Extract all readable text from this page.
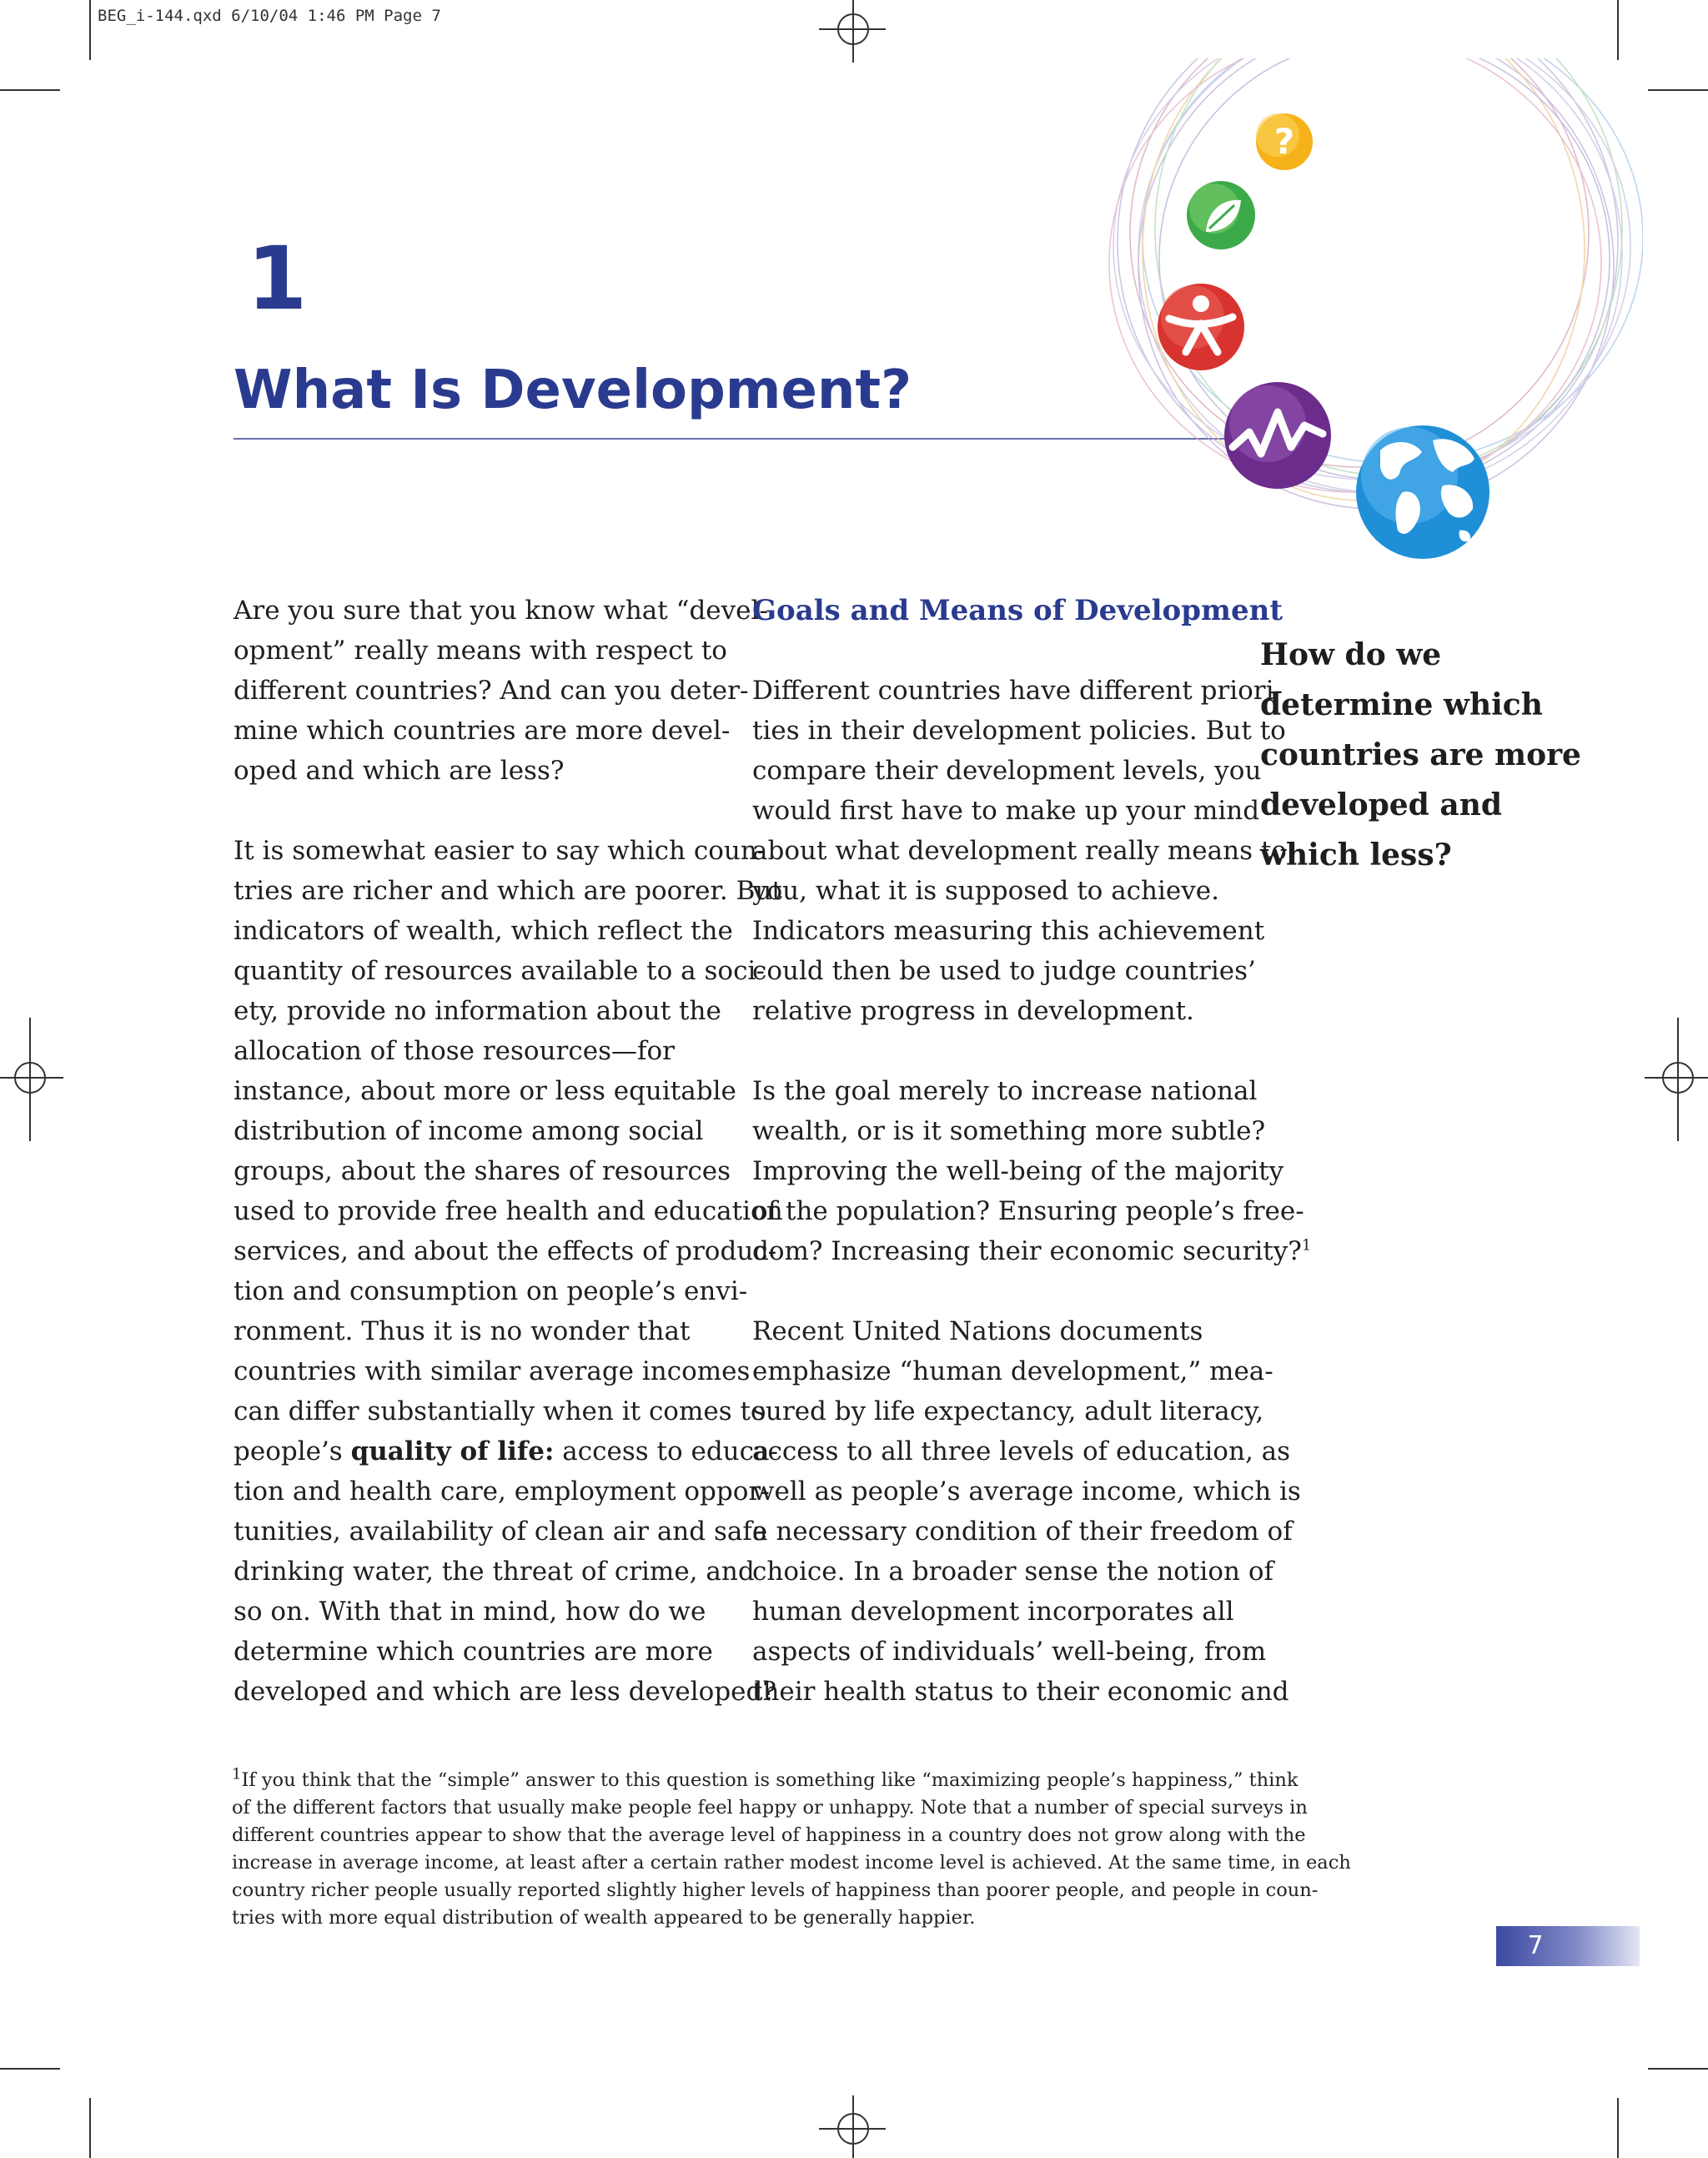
BEG_i-144.qxd 6/10/04 1:46 PM Page 7
1
What Is Development?
?

Are you sure that you know what “devel-
opment” really means with respect to
different countries? And can you deter-
mine which countries are more devel-
oped and which are less?

It is somewhat easier to say which coun-
tries are richer and which are poorer. But
indicators of wealth, which reflect the
quantity of resources available to a soci-
ety, provide no information about the
allocation of those resources—for
instance, about more or less equitable
distribution of income among social
groups, about the shares of resources
used to provide free health and education
services, and about the effects of produc-
tion and consumption on people’s envi-
ronment. Thus it is no wonder that
countries with similar average incomes
can differ substantially when it comes to
people’s quality of life: access to educa-
tion and health care, employment oppor-
tunities, availability of clean air and safe
drinking water, the threat of crime, and
so on. With that in mind, how do we
determine which countries are more
developed and which are less developed?

Goals and Means of Development

Different countries have different priori-
ties in their development policies. But to
compare their development levels, you
would first have to make up your mind
about what development really means to
you, what it is supposed to achieve.
Indicators measuring this achievement
could then be used to judge countries’
relative progress in development.

Is the goal merely to increase national
wealth, or is it something more subtle?
Improving the well-being of the majority
of the population? Ensuring people’s free-
dom? Increasing their economic security?$^1$

Recent United Nations documents
emphasize “human development,” mea-
sured by life expectancy, adult literacy,
access to all three levels of education, as
well as people’s average income, which is
a necessary condition of their freedom of
choice. In a broader sense the notion of
human development incorporates all
aspects of individuals’ well-being, from
their health status to their economic and

How do we
determine which
countries are more
developed and
which less?
$^1$If you think that the “simple” answer to this question is something like “maximizing people’s happiness,” think
of the different factors that usually make people feel happy or unhappy. Note that a number of special surveys in
different countries appear to show that the average level of happiness in a country does not grow along with the
increase in average income, at least after a certain rather modest income level is achieved. At the same time, in each
country richer people usually reported slightly higher levels of happiness than poorer people, and people in coun-
tries with more equal distribution of wealth appeared to be generally happier.
7
